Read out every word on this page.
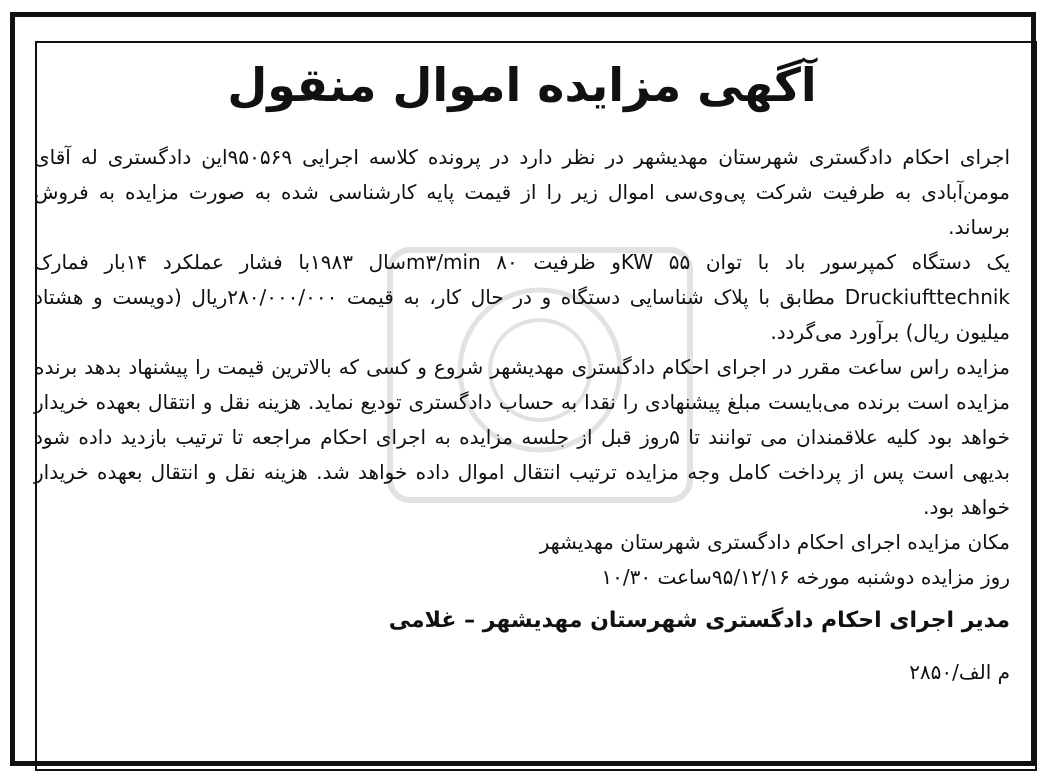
آگهی مزایده اموال منقول

اجرای احکام دادگستری شهرستان مهدیشهر در نظر دارد در پرونده کلاسه اجرایی ۹۵۰۵۶۹این دادگستری له آقای مومن‌آبادی به طرفیت شرکت پی‌وی‌سی اموال زیر را از قیمت پایه کارشناسی شده به صورت مزایده به فروش برساند.

یک دستگاه کمپرسور باد با توان KW ۵۵و ظرفیت m۳/min ۸۰سال ۱۹۸۳با فشار عملکرد ۱۴بار فمارک Druckiufttechnik مطابق با پلاک شناسایی دستگاه و در حال کار، به قیمت ۲۸۰/۰۰۰/۰۰۰ریال (دویست و هشتاد میلیون ریال) برآورد می‌گردد.

مزایده راس ساعت مقرر در اجرای احکام دادگستری مهدیشهر شروع و کسی که بالاترین قیمت را پیشنهاد بدهد برنده مزایده است برنده می‌بایست مبلغ پیشنهادی را نقدا به حساب دادگستری تودیع نماید. هزینه نقل و انتقال بعهده خریدار خواهد بود کلیه علاقمندان می توانند تا ۵روز قبل از جلسه مزایده به اجرای احکام مراجعه تا ترتیب بازدید داده شود بدیهی است پس از پرداخت کامل وجه مزایده ترتیب انتقال اموال داده خواهد شد. هزینه نقل و انتقال بعهده خریدار خواهد بود.

مکان مزایده اجرای احکام دادگستری شهرستان مهدیشهر

روز مزایده دوشنبه مورخه ۹۵/۱۲/۱۶ساعت ۱۰/۳۰

مدیر اجرای احکام دادگستری شهرستان مهدیشهر – غلامی
م الف/۲۸۵۰
